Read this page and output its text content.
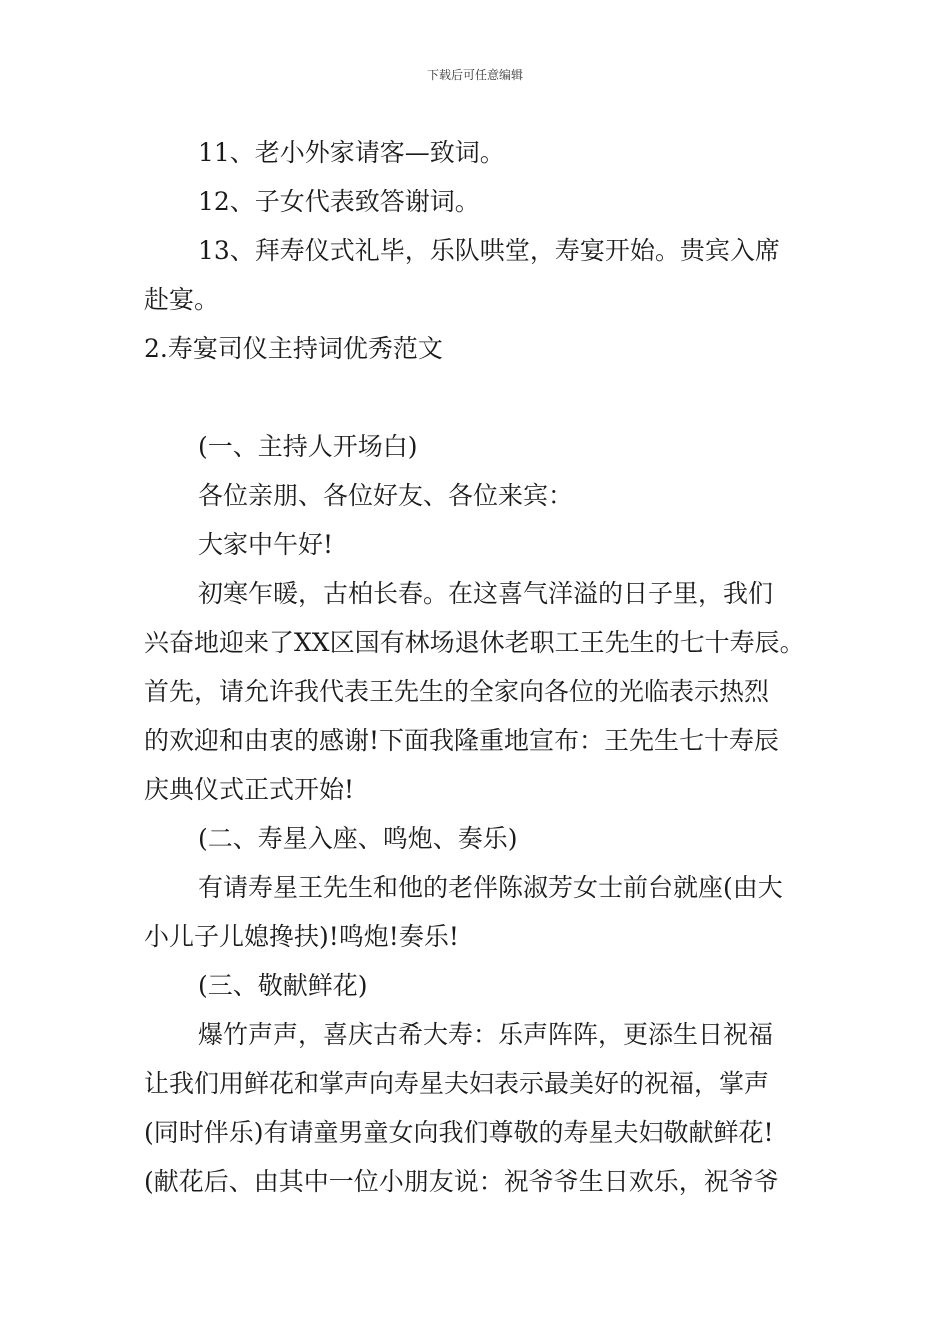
下载后可任意编辑
11、老小外家请客—致词。
12、子女代表致答谢词。
13、拜寿仪式礼毕，乐队哄堂，寿宴开始。贵宾入席
赴宴。
2.寿宴司仪主持词优秀范文
(一、主持人开场白)
各位亲朋、各位好友、各位来宾：
大家中午好!
初寒乍暖，古柏长春。在这喜气洋溢的日子里，我们
兴奋地迎来了XX区国有林场退休老职工王先生的七十寿辰。
首先，请允许我代表王先生的全家向各位的光临表示热烈
的欢迎和由衷的感谢!下面我隆重地宣布：王先生七十寿辰
庆典仪式正式开始!
(二、寿星入座、鸣炮、奏乐)
有请寿星王先生和他的老伴陈淑芳女士前台就座(由大
小儿子儿媳搀扶)!鸣炮!奏乐!
(三、敬献鲜花)
爆竹声声，喜庆古希大寿：乐声阵阵，更添生日祝福
让我们用鲜花和掌声向寿星夫妇表示最美好的祝福，掌声
(同时伴乐)有请童男童女向我们尊敬的寿星夫妇敬献鲜花!
(献花后、由其中一位小朋友说：祝爷爷生日欢乐，祝爷爷
